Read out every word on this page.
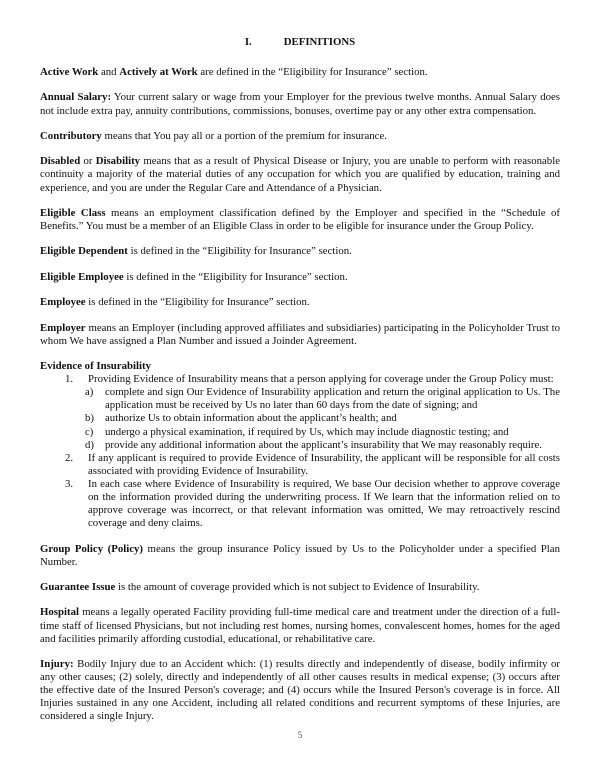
I.	DEFINITIONS
Active Work and Actively at Work are defined in the “Eligibility for Insurance” section.
Annual Salary: Your current salary or wage from your Employer for the previous twelve months. Annual Salary does not include extra pay, annuity contributions, commissions, bonuses, overtime pay or any other extra compensation.
Contributory means that You pay all or a portion of the premium for insurance.
Disabled or Disability means that as a result of Physical Disease or Injury, you are unable to perform with reasonable continuity a majority of the material duties of any occupation for which you are qualified by education, training and experience, and you are under the Regular Care and Attendance of a Physician.
Eligible Class means an employment classification defined by the Employer and specified in the “Schedule of Benefits.” You must be a member of an Eligible Class in order to be eligible for insurance under the Group Policy.
Eligible Dependent is defined in the “Eligibility for Insurance” section.
Eligible Employee is defined in the “Eligibility for Insurance” section.
Employee is defined in the “Eligibility for Insurance” section.
Employer means an Employer (including approved affiliates and subsidiaries) participating in the Policyholder Trust to whom We have assigned a Plan Number and issued a Joinder Agreement.
Evidence of Insurability
1.	Providing Evidence of Insurability means that a person applying for coverage under the Group Policy must:
a)	complete and sign Our Evidence of Insurability application and return the original application to Us. The application must be received by Us no later than 60 days from the date of signing; and
b)	authorize Us to obtain information about the applicant’s health; and
c)	undergo a physical examination, if required by Us, which may include diagnostic testing; and
d)	provide any additional information about the applicant’s insurability that We may reasonably require.
2.	If any applicant is required to provide Evidence of Insurability, the applicant will be responsible for all costs associated with providing Evidence of Insurability.
3.	In each case where Evidence of Insurability is required, We base Our decision whether to approve coverage on the information provided during the underwriting process. If We learn that the information relied on to approve coverage was incorrect, or that relevant information was omitted, We may retroactively rescind coverage and deny claims.
Group Policy (Policy) means the group insurance Policy issued by Us to the Policyholder under a specified Plan Number.
Guarantee Issue is the amount of coverage provided which is not subject to Evidence of Insurability.
Hospital means a legally operated Facility providing full-time medical care and treatment under the direction of a full-time staff of licensed Physicians, but not including rest homes, nursing homes, convalescent homes, homes for the aged and facilities primarily affording custodial, educational, or rehabilitative care.
Injury: Bodily Injury due to an Accident which: (1) results directly and independently of disease, bodily infirmity or any other causes; (2) solely, directly and independently of all other causes results in medical expense; (3) occurs after the effective date of the Insured Person's coverage; and (4) occurs while the Insured Person's coverage is in force. All Injuries sustained in any one Accident, including all related conditions and recurrent symptoms of these Injuries, are considered a single Injury.
5
